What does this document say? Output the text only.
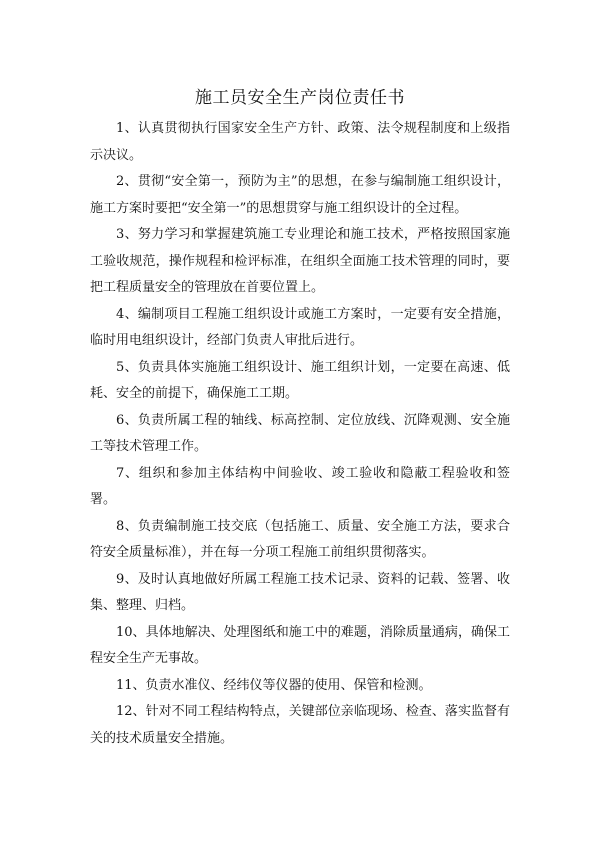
施工员安全生产岗位责任书
1、认真贯彻执行国家安全生产方针、政策、法令规程制度和上级指示决议。
2、贯彻“安全第一，预防为主”的思想，在参与编制施工组织设计，施工方案时要把“安全第一”的思想贯穿与施工组织设计的全过程。
3、努力学习和掌握建筑施工专业理论和施工技术，严格按照国家施工验收规范，操作规程和检评标准，在组织全面施工技术管理的同时，要把工程质量安全的管理放在首要位置上。
4、编制项目工程施工组织设计或施工方案时，一定要有安全措施，临时用电组织设计，经部门负责人审批后进行。
5、负责具体实施施工组织设计、施工组织计划，一定要在高速、低耗、安全的前提下，确保施工工期。
6、负责所属工程的轴线、标高控制、定位放线、沉降观测、安全施工等技术管理工作。
7、组织和参加主体结构中间验收、竣工验收和隐蔽工程验收和签署。
8、负责编制施工技交底（包括施工、质量、安全施工方法，要求合符安全质量标准），并在每一分项工程施工前组织贯彻落实。
9、及时认真地做好所属工程施工技术记录、资料的记载、签署、收集、整理、归档。
10、具体地解决、处理图纸和施工中的难题，消除质量通病，确保工程安全生产无事故。
11、负责水准仪、经纬仪等仪器的使用、保管和检测。
12、针对不同工程结构特点，关键部位亲临现场、检查、落实监督有关的技术质量安全措施。
